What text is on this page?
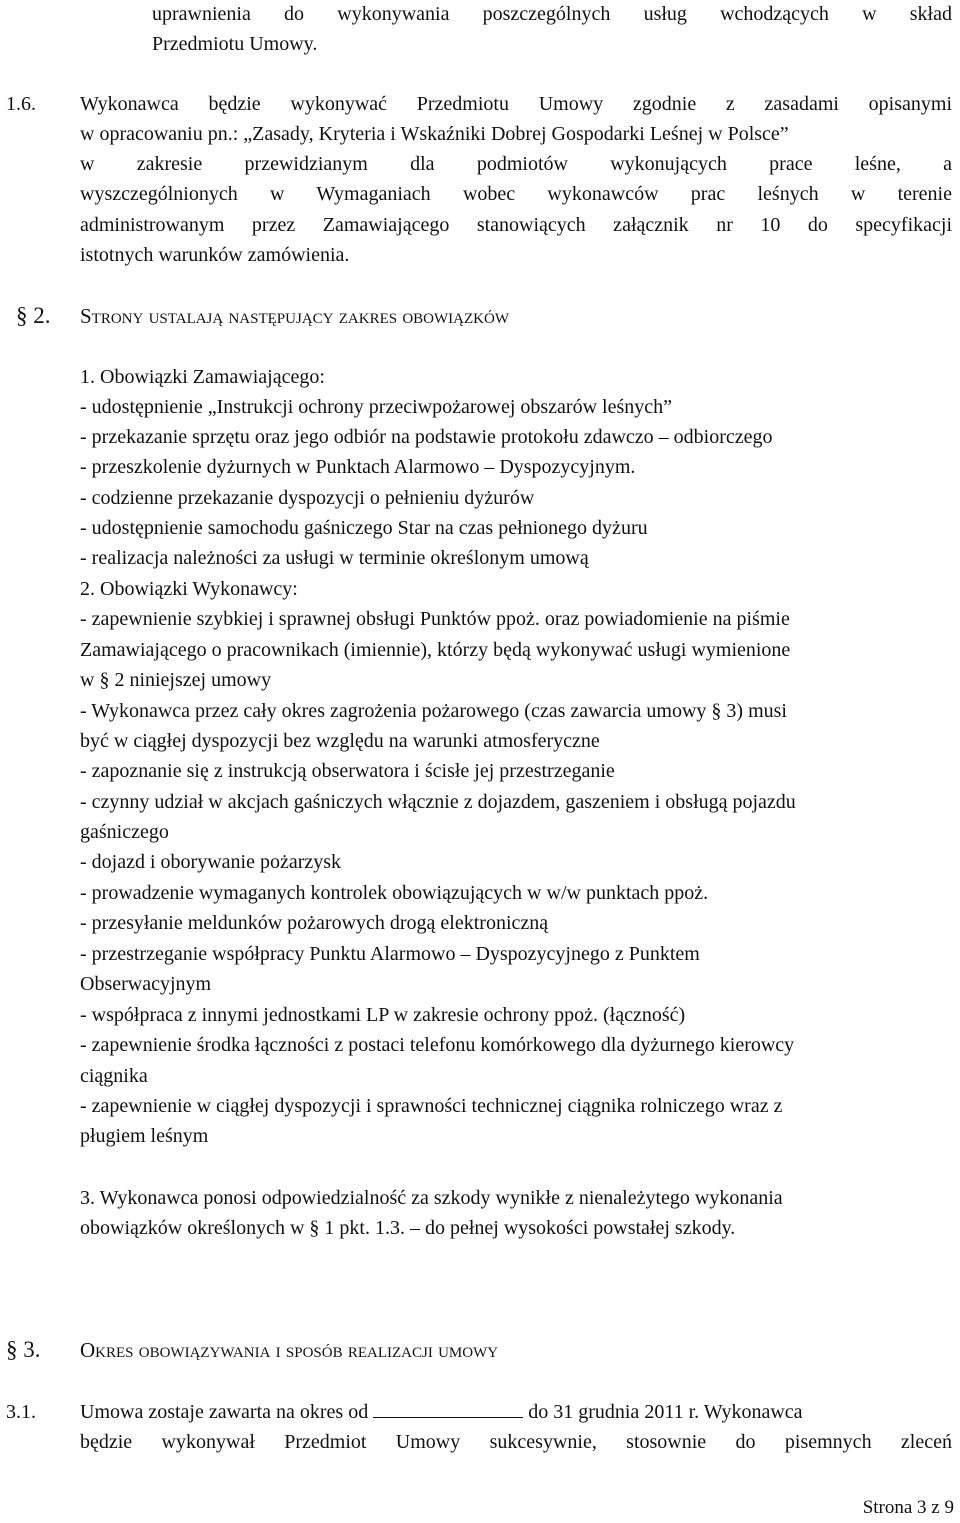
uprawnienia do wykonywania poszczególnych usług wchodzących w skład
Przedmiotu Umowy.
1.6. Wykonawca będzie wykonywać Przedmiotu Umowy zgodnie z zasadami opisanymi
w opracowaniu pn.: „Zasady, Kryteria i Wskaźniki Dobrej Gospodarki Leśnej w Polsce”
w zakresie przewidzianym dla podmiotów wykonujących prace leśne, a
wyszczególnionych w Wymaganiach wobec wykonawców prac leśnych w terenie
administrowanym przez Zamawiającego stanowiących załącznik nr 10 do specyfikacji
istotnych warunków zamówienia.
§ 2. Strony ustalają następujący zakres obowiązków
1. Obowiązki Zamawiającego:
- udostępnienie „Instrukcji ochrony przeciwpożarowej obszarów leśnych”
- przekazanie sprzętu oraz jego odbiór na podstawie protokołu zdawczo – odbiorczego
- przeszkolenie dyżurnych w Punktach Alarmowo – Dyspozycyjnym.
- codzienne przekazanie dyspozycji o pełnieniu dyżurów
- udostępnienie samochodu gaśniczego Star na czas pełnionego dyżuru
- realizacja należności za usługi w terminie określonym umową
2. Obowiązki Wykonawcy:
- zapewnienie szybkiej i sprawnej obsługi Punktów ppoż. oraz powiadomienie na piśmie
Zamawiającego o pracownikach (imiennie), którzy będą wykonywać usługi wymienione
w § 2 niniejszej umowy
- Wykonawca przez cały okres zagrożenia pożarowego (czas zawarcia umowy § 3) musi
być w ciągłej dyspozycji bez względu na warunki atmosferyczne
- zapoznanie się z instrukcją obserwatora i ścisłe jej przestrzeganie
- czynny udział w akcjach gaśniczych włącznie z dojazdem, gaszeniem i obsługą pojazdu
gaśniczego
- dojazd i oborywanie pożarzysk
- prowadzenie wymaganych kontrolek obowiązujących w w/w punktach ppoż.
- przesyłanie meldunków pożarowych drogą elektroniczną
- przestrzeganie współpracy Punktu Alarmowo – Dyspozycyjnego z Punktem
Obserwacyjnym
- współpraca z innymi jednostkami LP w zakresie ochrony ppoż. (łączność)
- zapewnienie środka łączności z postaci telefonu komórkowego dla dyżurnego kierowcy
ciągnika
- zapewnienie w ciągłej dyspozycji i sprawności technicznej ciągnika rolniczego wraz z
pługiem leśnym
3. Wykonawca ponosi odpowiedzialność za szkody wynikłe z nienależytego wykonania
obowiązków określonych w § 1 pkt. 1.3. – do pełnej wysokości powstałej szkody.
§ 3. Okres obowiązywania i sposób realizacji umowy
3.1. Umowa zostaje zawarta na okres od	do 31 grudnia 2011 r. Wykonawca
będzie wykonywał Przedmiot Umowy sukcesywnie, stosownie do pisemnych zleceń
Strona 3 z 9
